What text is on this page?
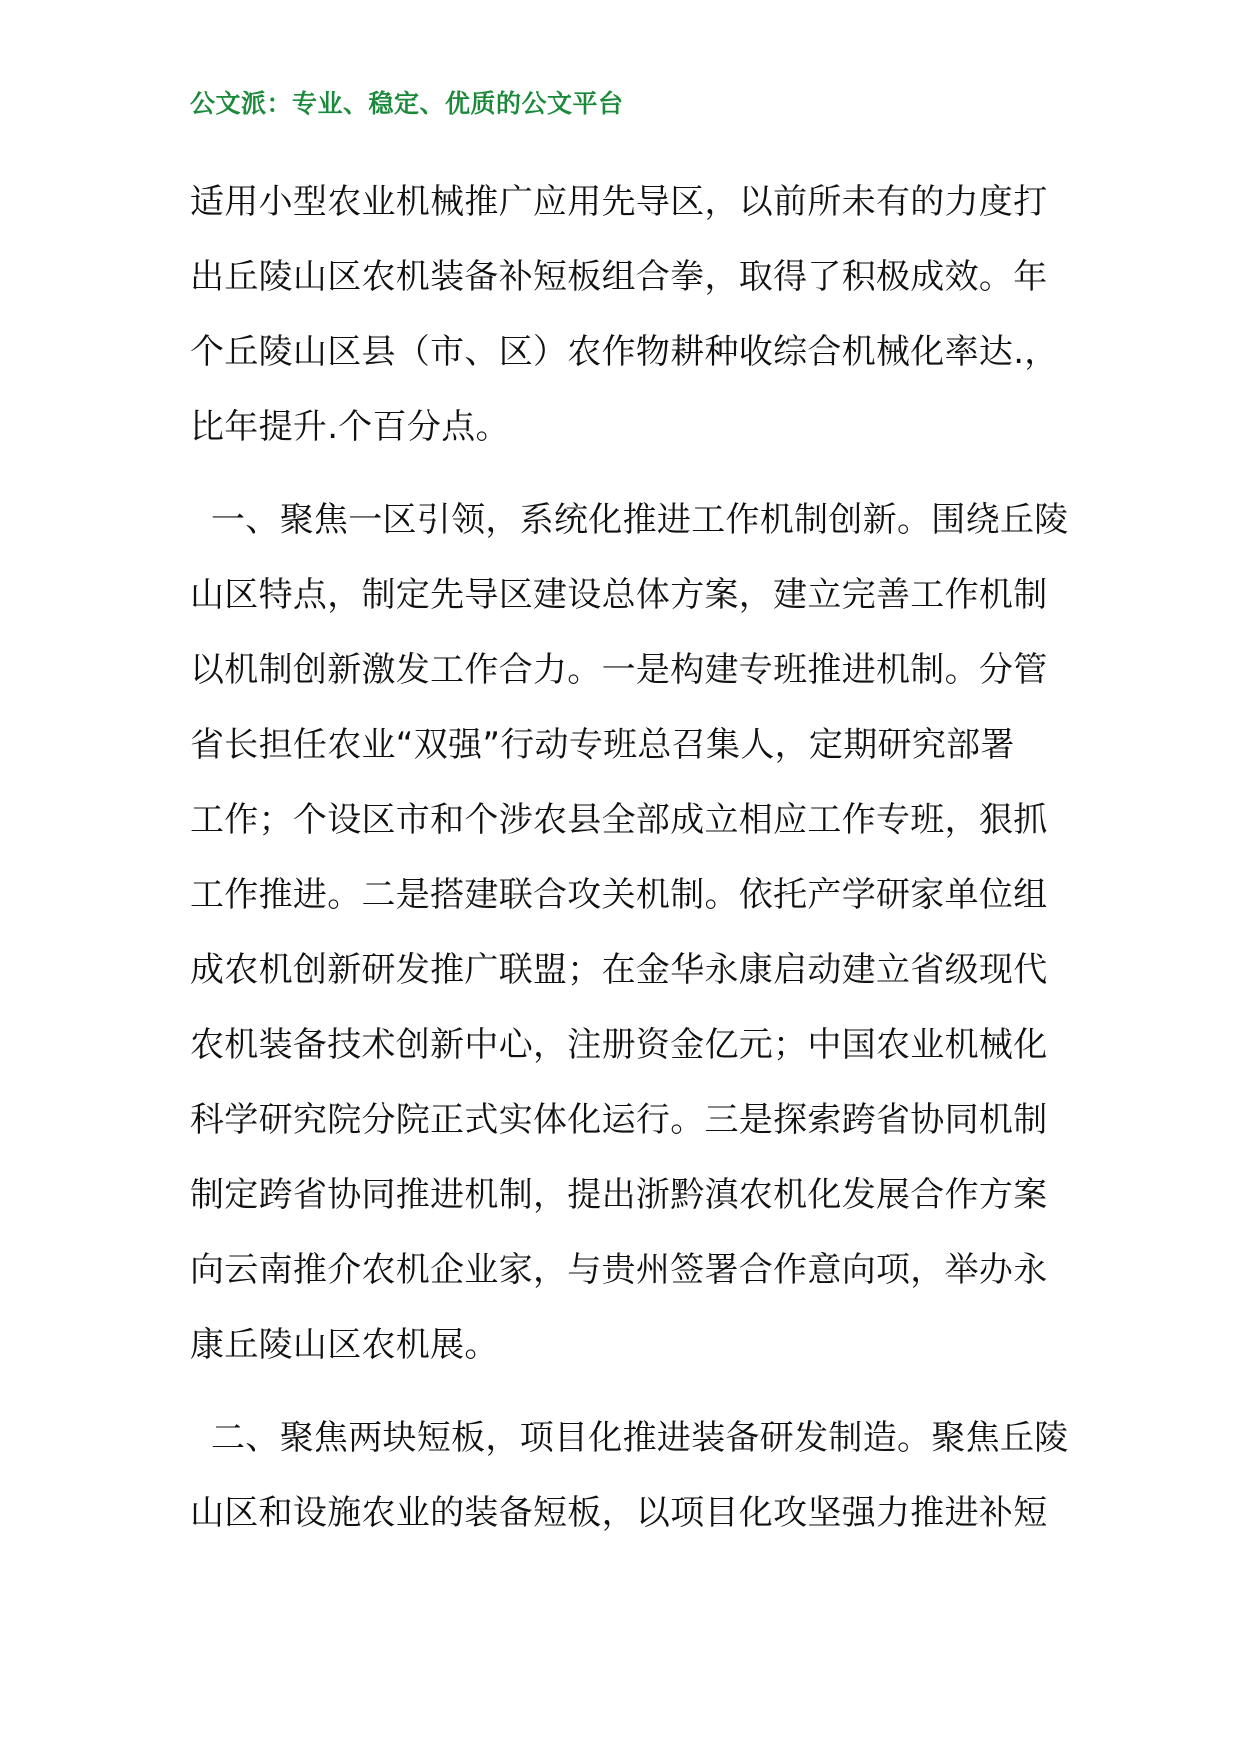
公文派：专业、稳定、优质的公文平台
适用小型农业机械推广应用先导区，以前所未有的力度打
出丘陵山区农机装备补短板组合拳，取得了积极成效。年
个丘陵山区县（市、区）农作物耕种收综合机械化率达.，
比年提升.个百分点。
一、聚焦一区引领，系统化推进工作机制创新。围绕丘陵
山区特点，制定先导区建设总体方案，建立完善工作机制
以机制创新激发工作合力。一是构建专班推进机制。分管
省长担任农业“双强”行动专班总召集人，定期研究部署
工作；个设区市和个涉农县全部成立相应工作专班，狠抓
工作推进。二是搭建联合攻关机制。依托产学研家单位组
成农机创新研发推广联盟；在金华永康启动建立省级现代
农机装备技术创新中心，注册资金亿元；中国农业机械化
科学研究院分院正式实体化运行。三是探索跨省协同机制
制定跨省协同推进机制，提出浙黔滇农机化发展合作方案
向云南推介农机企业家，与贵州签署合作意向项，举办永
康丘陵山区农机展。
二、聚焦两块短板，项目化推进装备研发制造。聚焦丘陵
山区和设施农业的装备短板，以项目化攻坚强力推进补短
